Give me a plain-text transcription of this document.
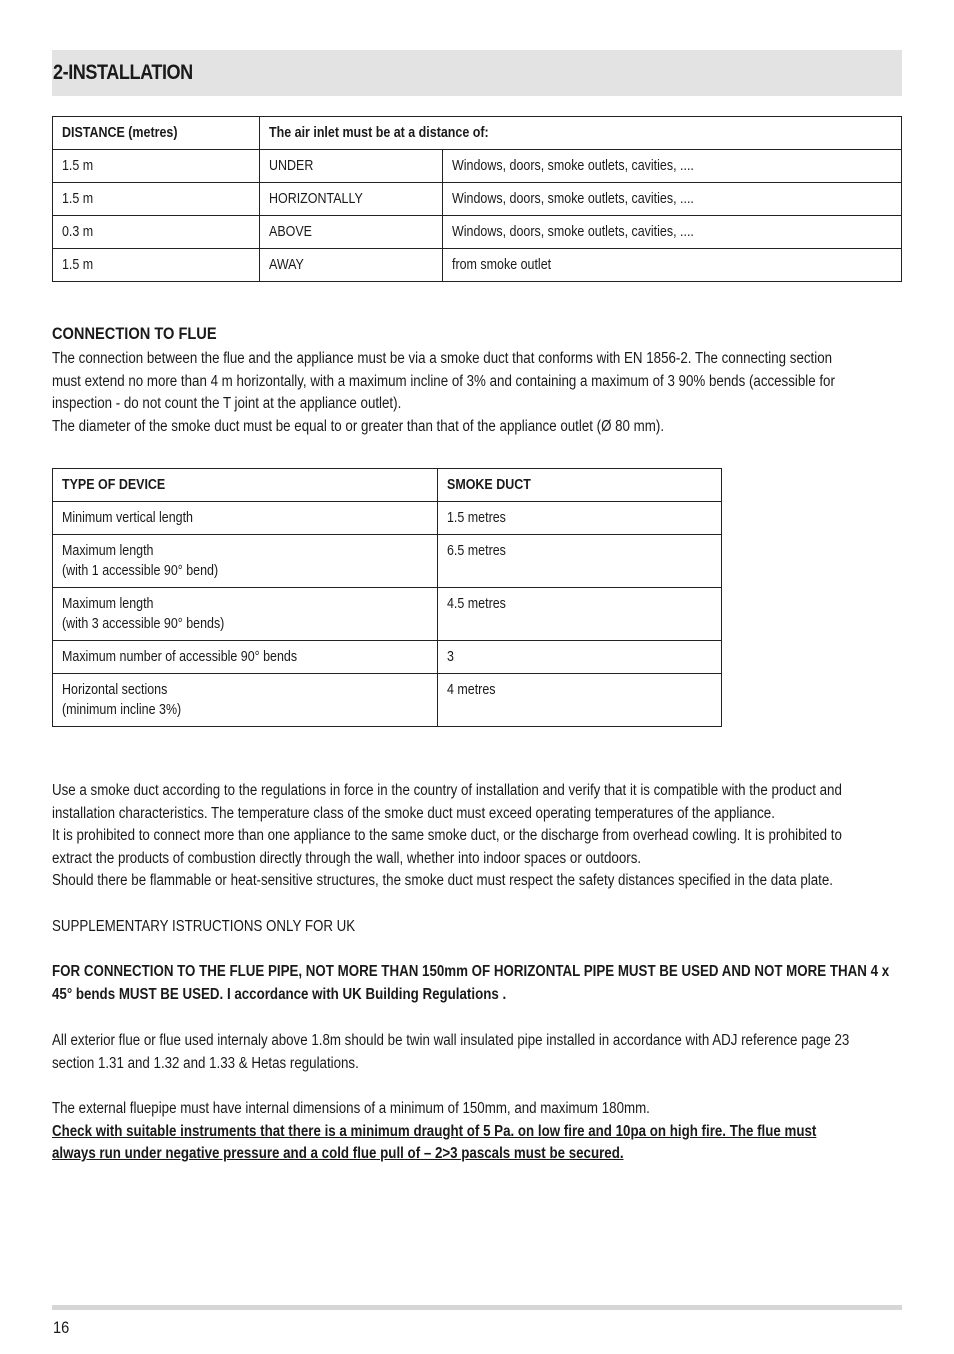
2-INSTALLATION
DISTANCE (metres)	The air inlet must be at a distance of:	
1.5 m	UNDER	Windows, doors, smoke outlets, cavities, ....
1.5 m	HORIZONTALLY	Windows, doors, smoke outlets, cavities, ....
0.3 m	ABOVE	Windows, doors, smoke outlets, cavities, ....
1.5 m	AWAY	from smoke outlet
CONNECTION TO FLUE
The connection between the flue and the appliance must be via a smoke duct that conforms with EN 1856-2. The connecting section
must extend no more than 4 m horizontally, with a maximum incline of 3% and containing a maximum of 3 90% bends (accessible for
inspection - do not count the T joint at the appliance outlet).
The diameter of the smoke duct must be equal to or greater than that of the appliance outlet (Ø 80 mm).
TYPE OF DEVICE	SMOKE DUCT
Minimum vertical length	1.5 metres
Maximum length
(with 1 accessible 90° bend)	6.5 metres
Maximum length
(with 3 accessible 90° bends)	4.5 metres
Maximum number of accessible 90° bends	3
Horizontal sections
(minimum incline 3%)	4 metres
Use a smoke duct according to the regulations in force in the country of installation and verify that it is compatible with the product and
installation characteristics. The temperature class of the smoke duct must exceed operating temperatures of the appliance.
It is prohibited to connect more than one appliance to the same smoke duct, or the discharge from overhead cowling. It is prohibited to
extract the products of combustion directly through the wall, whether into indoor spaces or outdoors.
Should there be flammable or heat-sensitive structures, the smoke duct must respect the safety distances specified in the data plate.
SUPPLEMENTARY ISTRUCTIONS ONLY FOR UK
FOR CONNECTION TO THE FLUE PIPE, NOT MORE THAN 150mm OF HORIZONTAL PIPE MUST BE USED AND NOT MORE THAN 4 x
45° bends MUST BE USED. I accordance with UK Building Regulations .
All exterior flue or flue used internaly above 1.8m should be twin wall insulated pipe installed in accordance with ADJ reference page 23
section 1.31 and 1.32 and 1.33 & Hetas regulations.
The external fluepipe must have internal dimensions of a minimum of 150mm, and maximum 180mm.
Check with suitable instruments that there is a minimum draught of 5 Pa. on low fire and 10pa on high fire. The flue must
always run under negative pressure and a cold flue pull of – 2>3 pascals must be secured.
16
